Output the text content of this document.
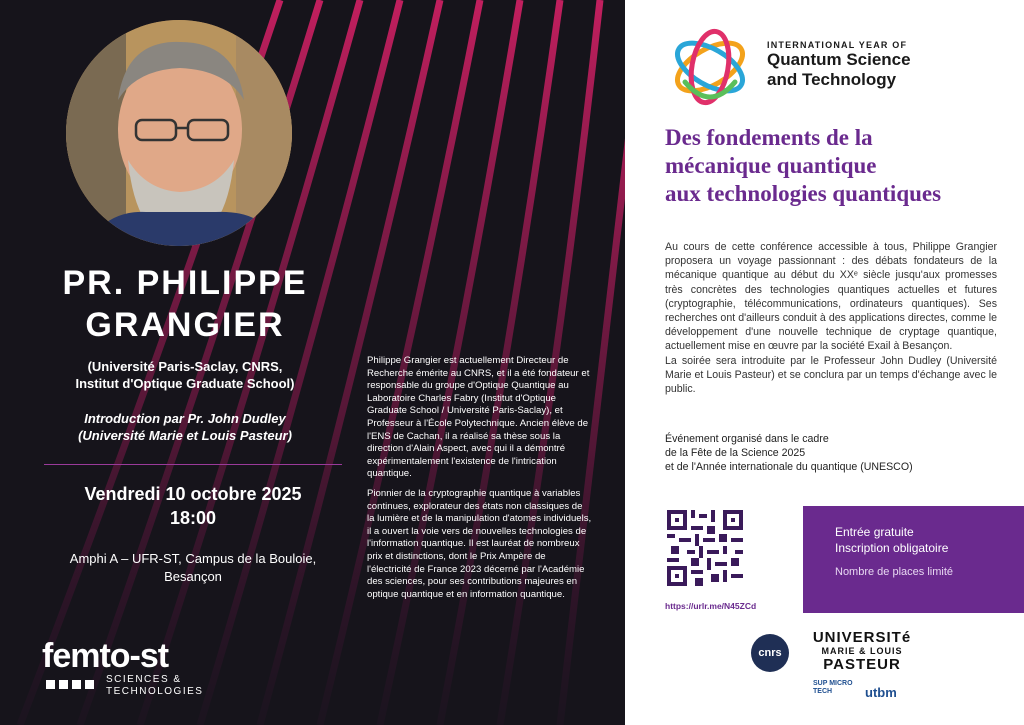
PR. PHILIPPE
GRANGIER
(Université Paris-Saclay, CNRS,
Institut d'Optique Graduate School)
Introduction par Pr. John Dudley
(Université Marie et Louis Pasteur)
Vendredi 10 octobre 2025
18:00
Amphi A – UFR-ST, Campus de la Bouloie,
Besançon

Philippe Grangier est actuellement Directeur de Recherche émérite au CNRS, et il a été fondateur et responsable du groupe d'Optique Quantique au Laboratoire Charles Fabry (Institut d'Optique Graduate School / Université Paris-Saclay), et Professeur à l'École Polytechnique. Ancien élève de l'ENS de Cachan, il a réalisé sa thèse sous la direction d'Alain Aspect, avec qui il a démontré expérimentalement l'existence de l'intrication quantique.

Pionnier de la cryptographie quantique à variables continues, explorateur des états non classiques de la lumière et de la manipulation d'atomes individuels, il a ouvert la voie vers de nouvelles technologies de l'information quantique. Il est lauréat de nombreux prix et distinctions, dont le Prix Ampère de l'électricité de France 2023 décerné par l'Académie des sciences, pour ses contributions majeures en optique quantique et en information quantique.

femto-st
SCIENCES &
TECHNOLOGIES
INTERNATIONAL YEAR OF
Quantum Science
and Technology
Des fondements de la
mécanique quantique
aux technologies quantiques

Au cours de cette conférence accessible à tous, Philippe Grangier proposera un voyage passionnant : des débats fondateurs de la mécanique quantique au début du XXᵉ siècle jusqu'aux promesses très concrètes des technologies quantiques actuelles et futures (cryptographie, télécommunications, ordinateurs quantiques). Ses recherches ont d'ailleurs conduit à des applications directes, comme le développement d'une nouvelle technique de cryptage quantique, actuellement mise en œuvre par la société Exail à Besançon.

La soirée sera introduite par le Professeur John Dudley (Université Marie et Louis Pasteur) et se conclura par un temps d'échange avec le public.

Événement organisé dans le cadre
de la Fête de la Science 2025
et de l'Année internationale du quantique (UNESCO)
https://urlr.me/N45ZCd
Entrée gratuite
Inscription obligatoire
Nombre de places limité
cnrs
UNIVERSITé
MARIE & LOUIS
PASTEUR
SUP MICRO TECH	utbm
